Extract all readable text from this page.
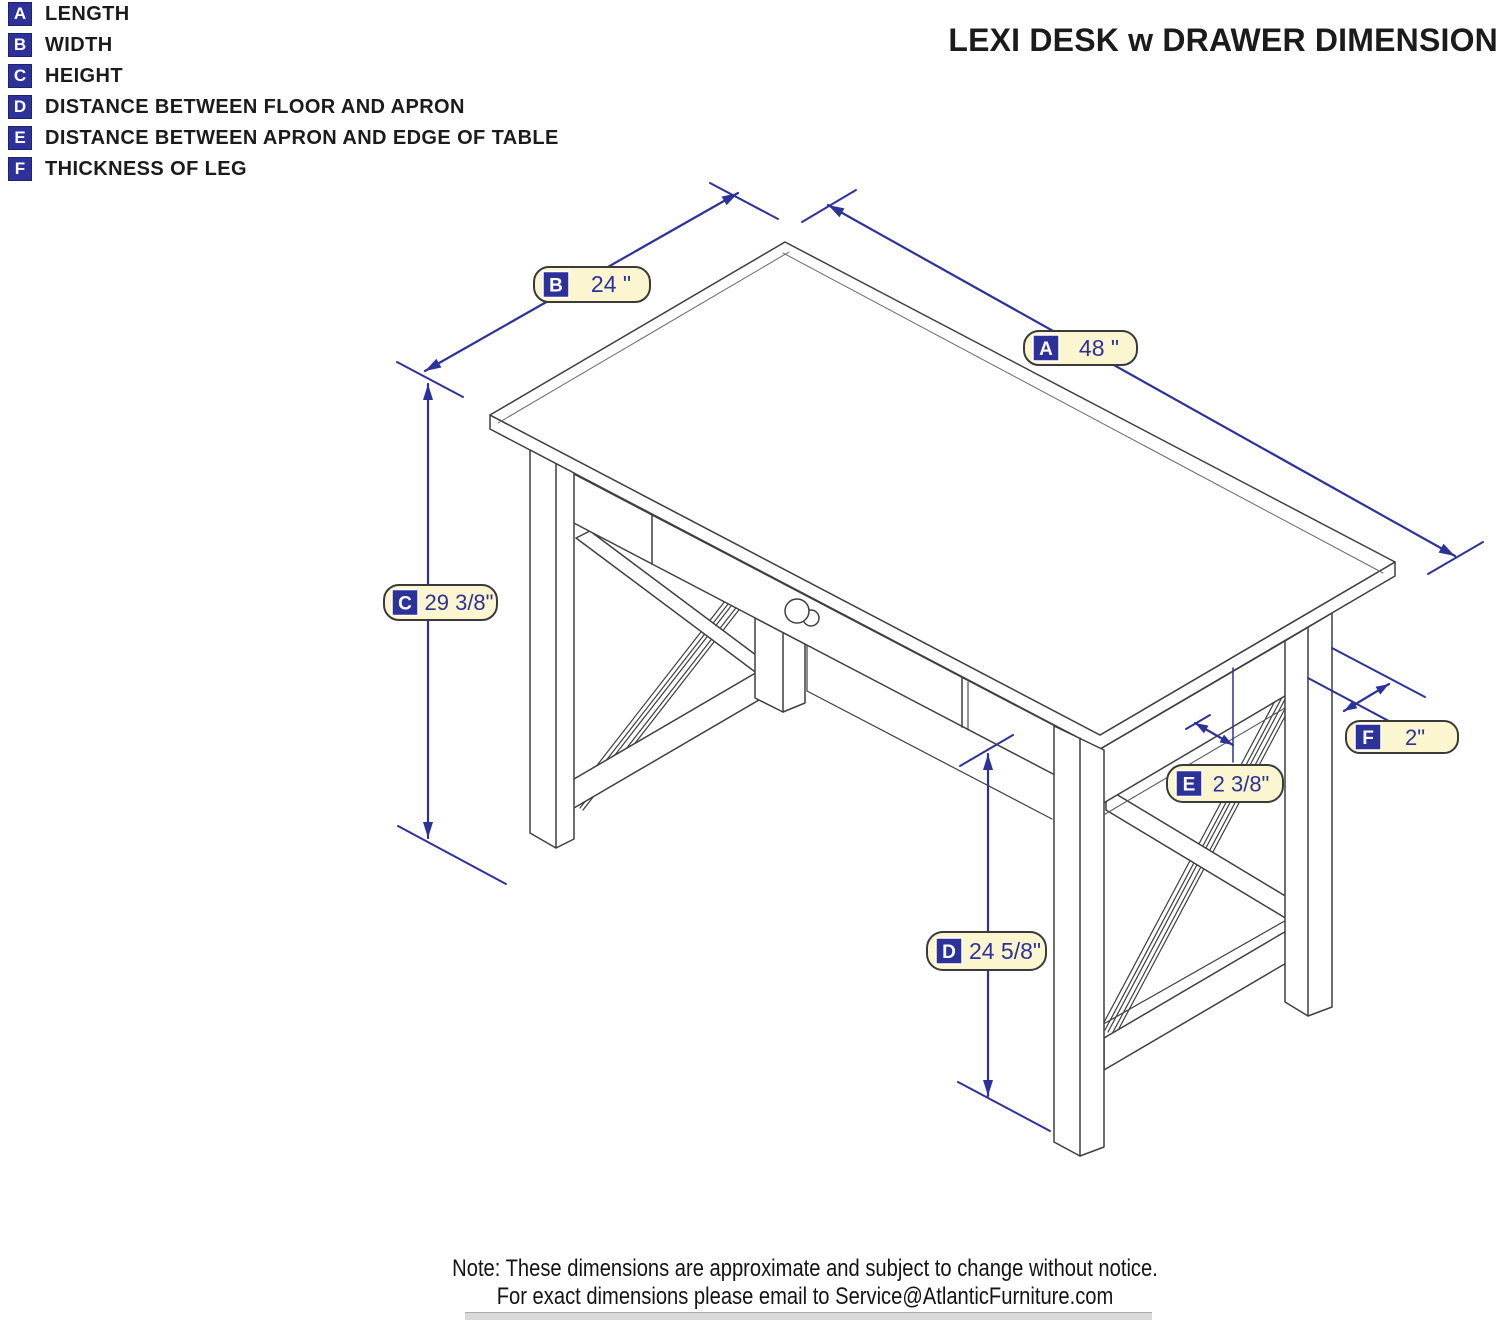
A LENGTH
B WIDTH
C HEIGHT
D DISTANCE BETWEEN FLOOR AND APRON
E DISTANCE BETWEEN APRON AND EDGE OF TABLE
F THICKNESS OF LEG
LEXI DESK w DRAWER DIMENSION
B 24 "
A 48 "
C 29 3/8"
D 24 5/8"
E 2 3/8"
F 2"
Note: These dimensions are approximate and subject to change without notice.
For exact dimensions please email to Service@AtlanticFurniture.com
